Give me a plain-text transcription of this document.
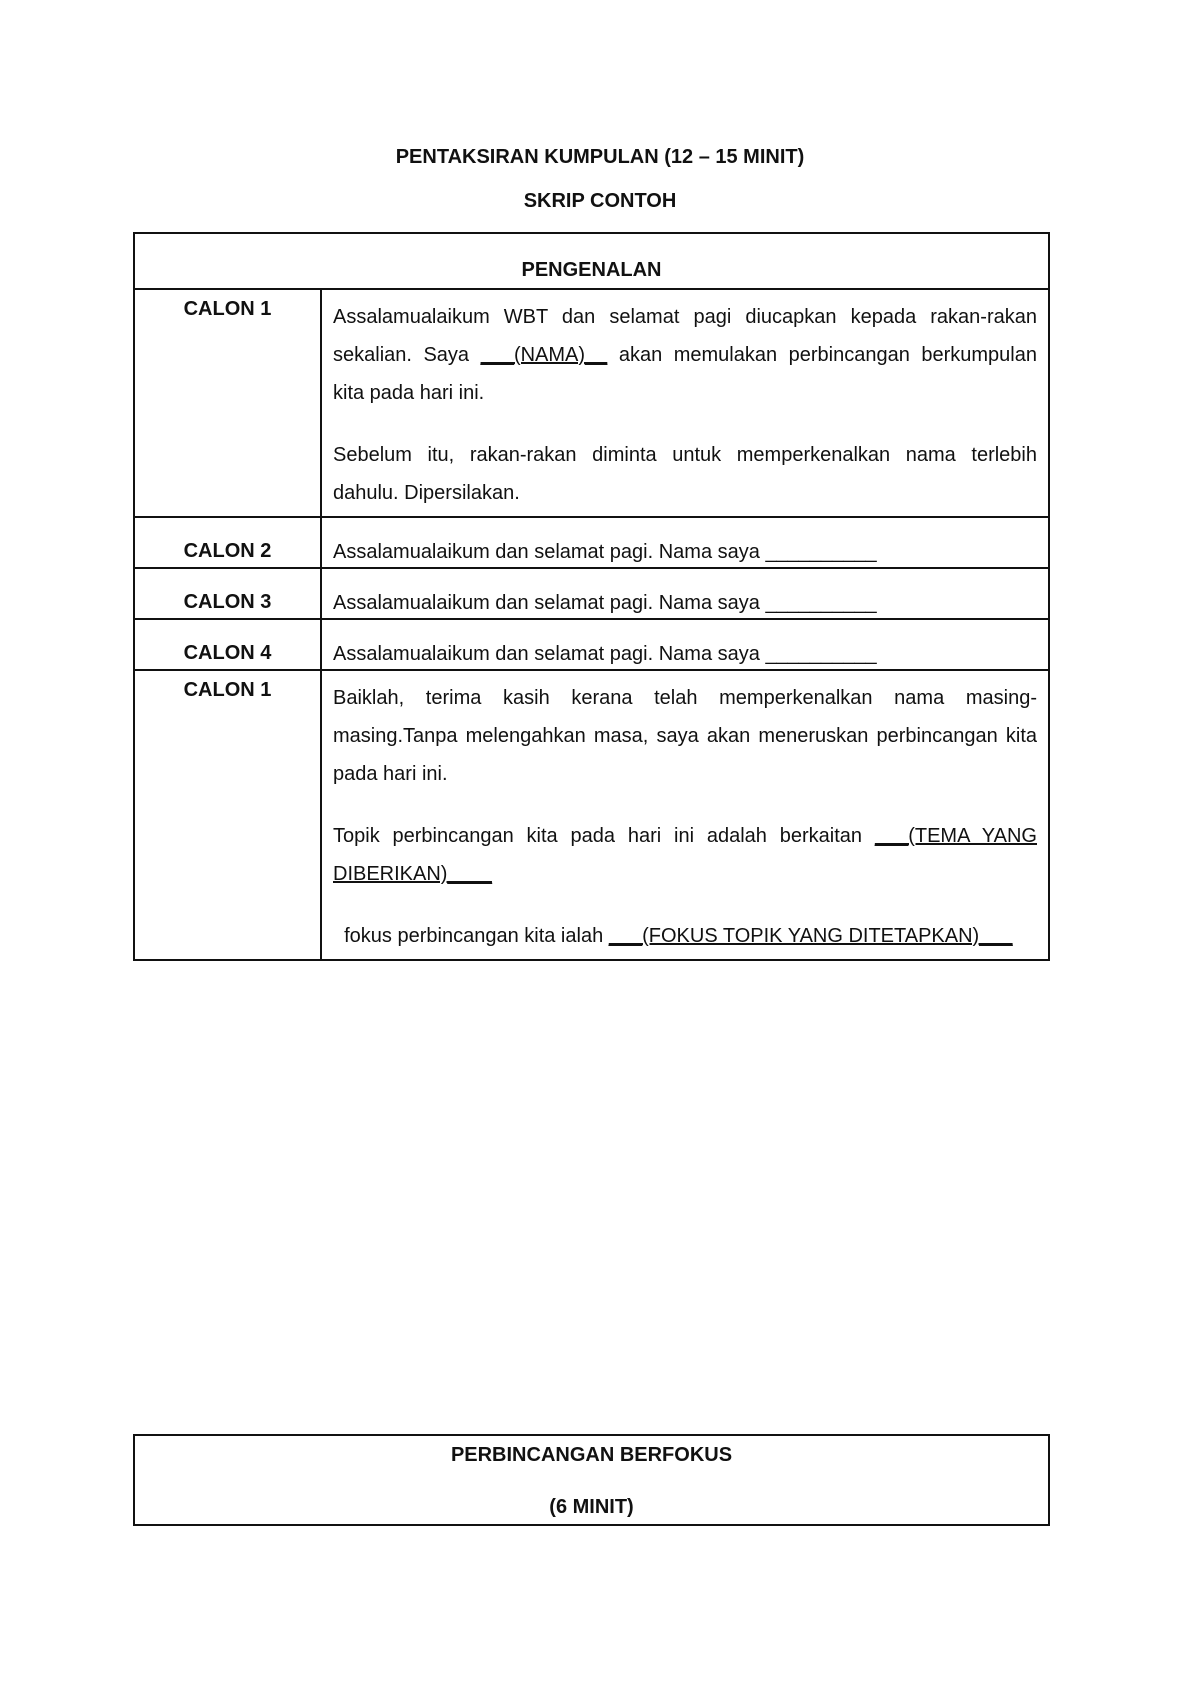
PENTAKSIRAN KUMPULAN (12 – 15 MINIT)
SKRIP CONTOH
PENGENALAN	
CALON 1	Assalamualaikum WBT dan selamat pagi diucapkan kepada rakan-rakan sekalian. Saya ___(NAMA)__ akan memulakan perbincangan berkumpulan kita pada hari ini.

Sebelum itu, rakan-rakan diminta untuk memperkenalkan nama terlebih dahulu. Dipersilakan.

CALON 2	Assalamualaikum dan selamat pagi. Nama saya __________
CALON 3	Assalamualaikum dan selamat pagi. Nama saya __________
CALON 4	Assalamualaikum dan selamat pagi. Nama saya __________
CALON 1	Baiklah, terima kasih kerana telah memperkenalkan nama masing-masing.Tanpa melengahkan masa, saya akan meneruskan perbincangan kita pada hari ini.

Topik perbincangan kita pada hari ini adalah berkaitan ___(TEMA YANG DIBERIKAN)____

fokus perbincangan kita ialah ___(FOKUS TOPIK YANG DITETAPKAN)___

PERBINCANGAN BERFOKUS
(6 MINIT)
